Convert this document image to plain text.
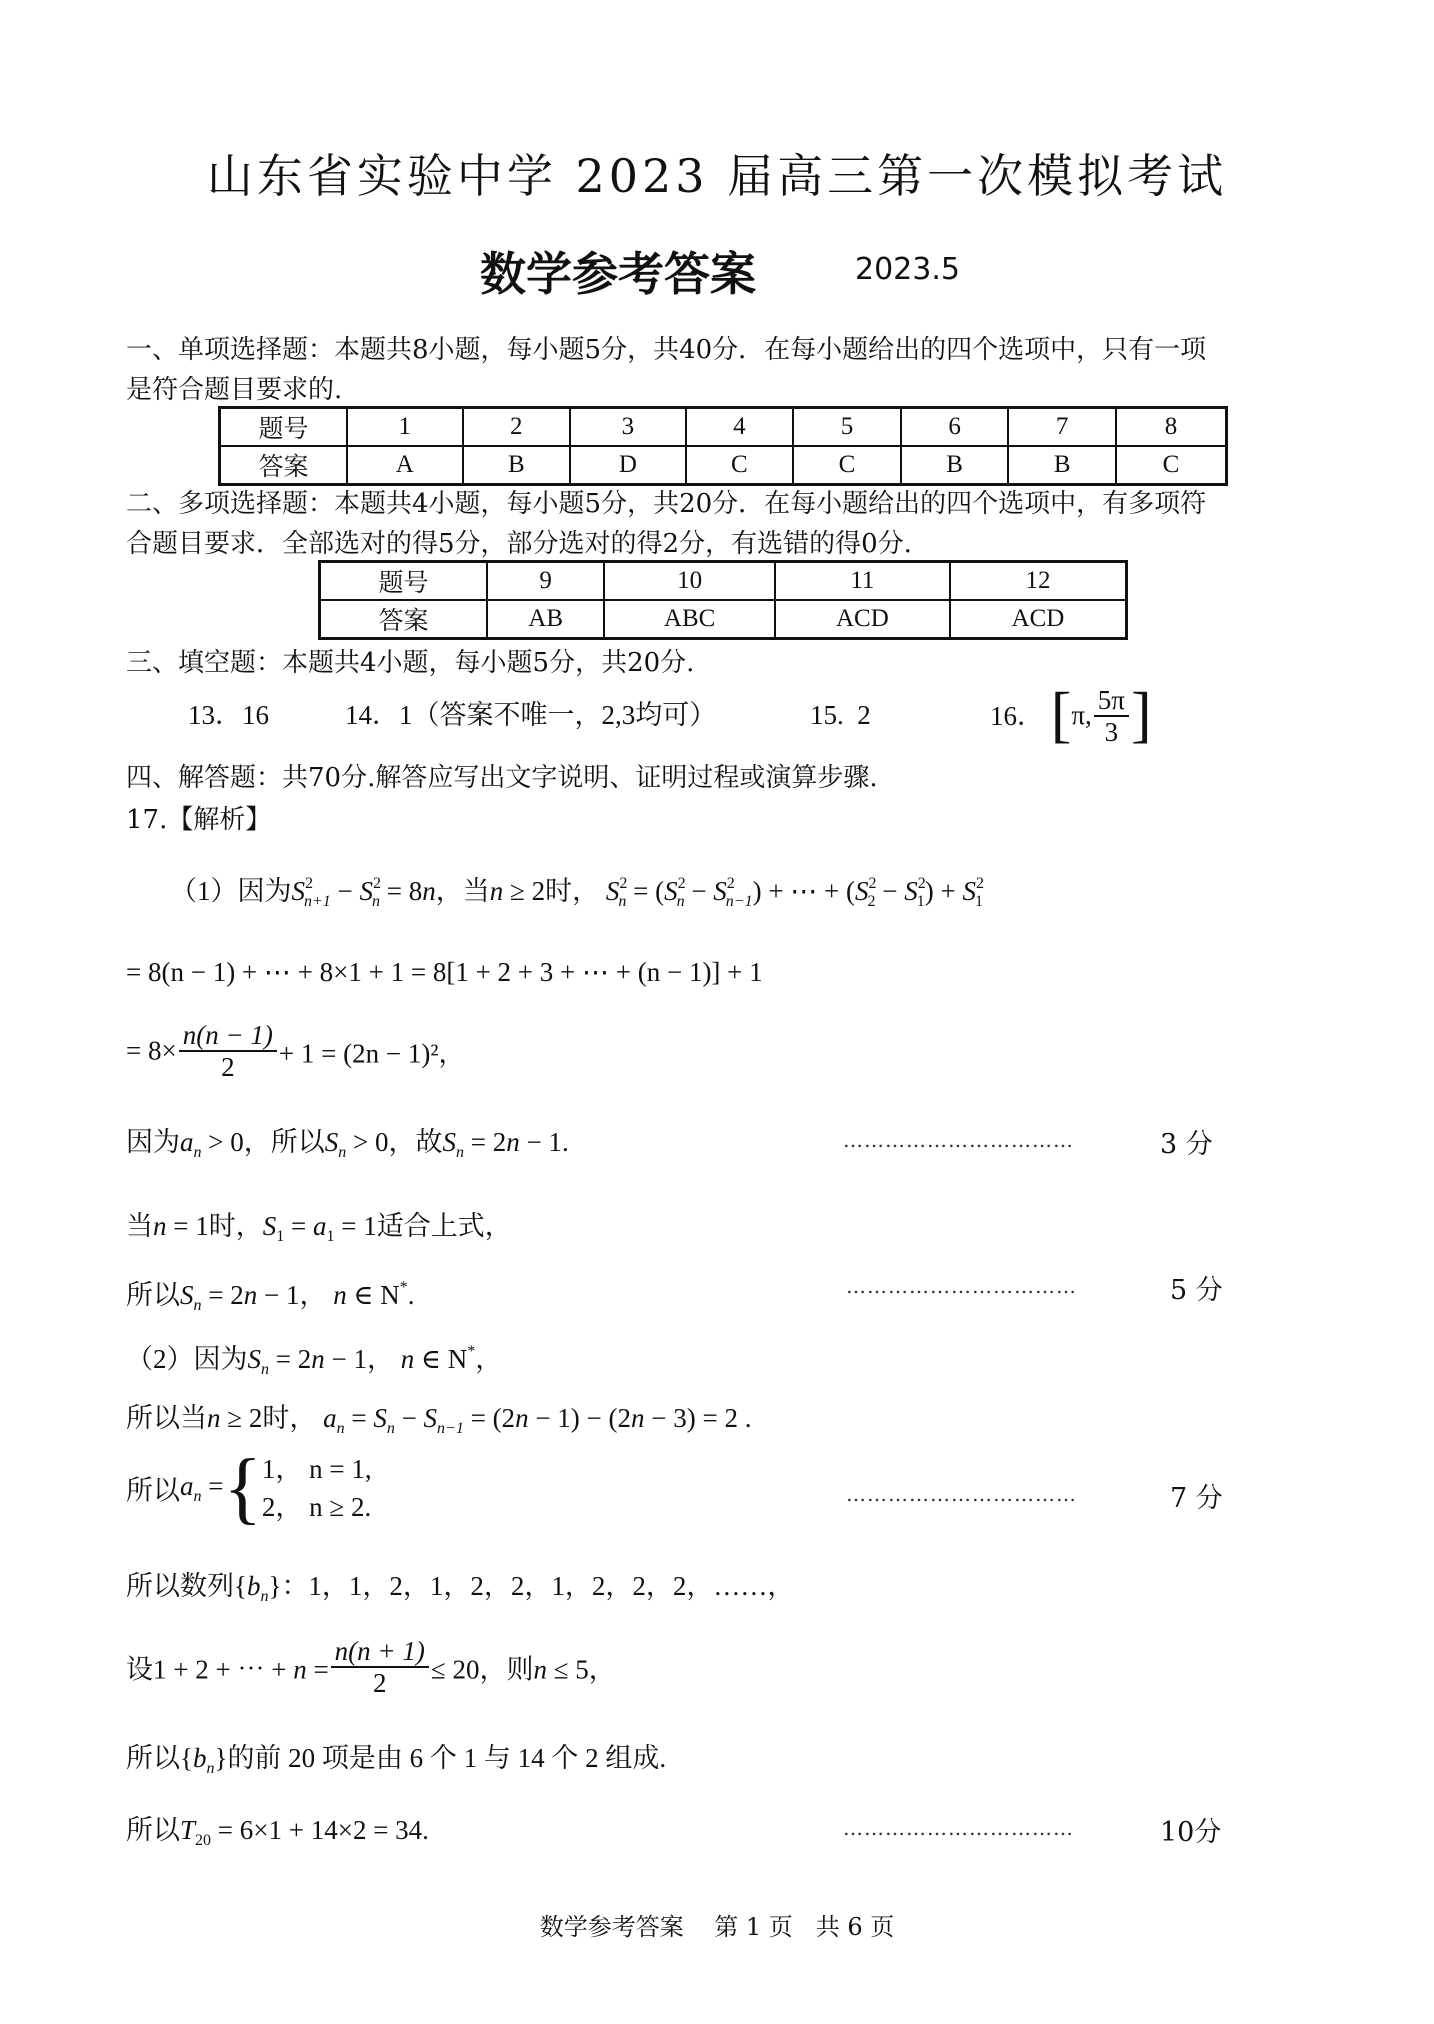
山东省实验中学 2023 届高三第一次模拟考试
数学参考答案	2023.5
一、单项选择题：本题共8小题，每小题5分，共40分．在每小题给出的四个选项中，只有一项
是符合题目要求的.
题号	1	2	3	4	5	6	7	8
答案	A	B	D	C	C	B	B	C
二、多项选择题：本题共4小题，每小题5分，共20分．在每小题给出的四个选项中，有多项符
合题目要求．全部选对的得5分，部分选对的得2分，有选错的得0分.
题号	9	10	11	12
答案	AB	ABC	ACD	ACD
三、填空题：本题共4小题，每小题5分，共20分.
13．16	14．1（答案不唯一，2,3均可）	15. 2	16． [π, $\frac{5\pi}{3}$ ]
四、解答题：共70分.解答应写出文字说明、证明过程或演算步骤.
17.【解析】
（1）因为$S^2_{n+1} - S^2_n = 8n$，当n ≥ 2时， $S^2_n = (S^2_n - S^2_{n-1})$ + ⋯ + $(S^2_2 - S^2_1) + S^2_1$
= 8(n − 1) + ⋯ + 8×1 + 1 = 8[1 + 2 + 3 + ⋯ + (n − 1)] + 1
= $8\times \frac{n(n - 1)}{2} + 1 = (2n - 1)^2$，
因为$a_n > 0$，所以$S_n > 0$，故$S_n = 2n - 1$.	……………………………	3 分
当n = 1时，$S_1 = a_1 = 1$适合上式，
所以$S_n = 2n - 1$， n ∈ N*.	……………………………	5 分
（2）因为$S_n = 2n - 1$， n ∈ N*，
所以当n ≥ 2时， $a_n = S_n - S_{n-1} = (2n - 1) - (2n - 3) = 2$ .
所以$a_n$ ={ 1， n = 1,
2， n ≥ 2.	……………………………	7 分
所以数列$\{b_n\}$：1，1，2，1，2，2，1，2，2，2，……，
设1 + 2 + ⋯ + $n = \frac{n(n + 1)}{2} \le 20$，则n ≤ 5，
所以$\{b_n\}$的前 20 项是由 6 个 1 与 14 个 2 组成.
所以$T_{20} = 6\times 1 + 14\times 2 = 34$.	……………………………	10分
数学参考答案    第 1 页   共 6 页
